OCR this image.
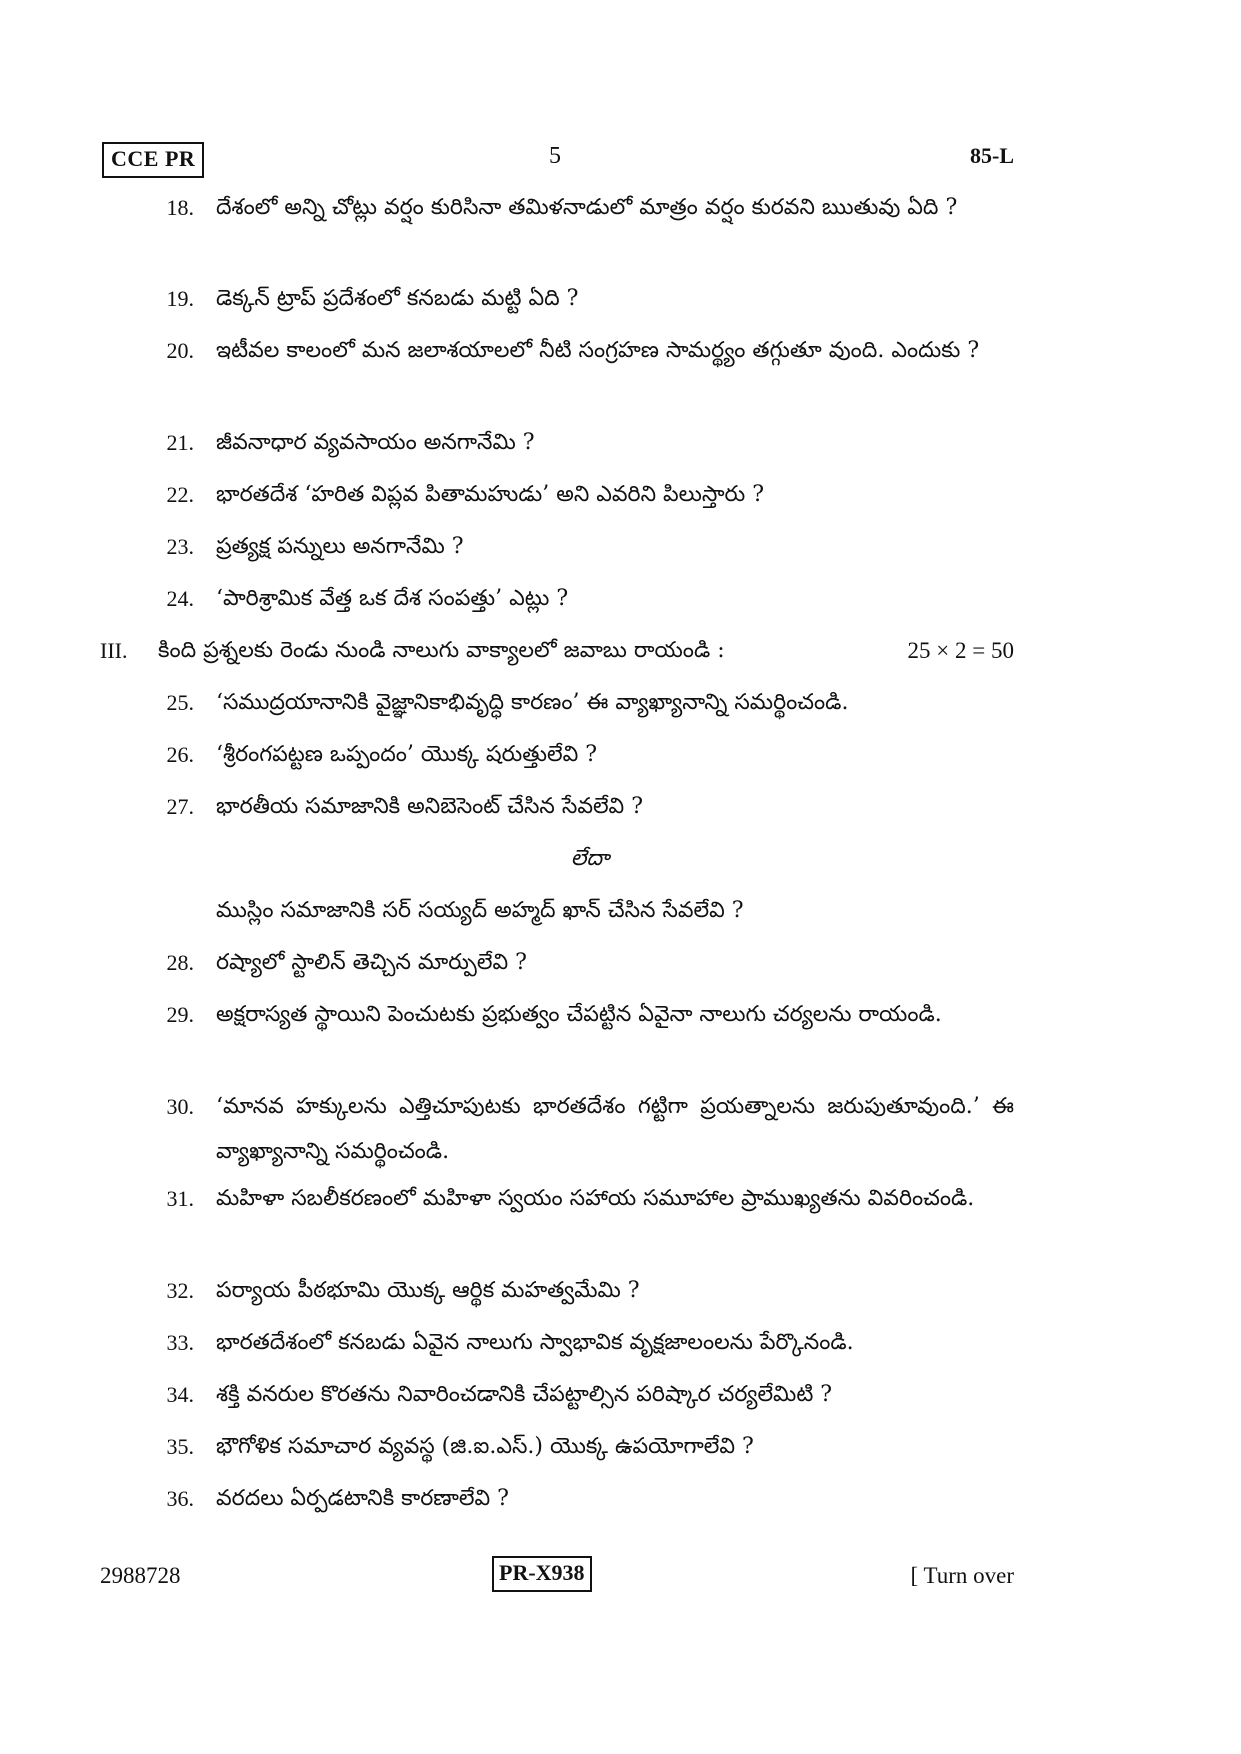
CCE PR	5	85-L
18. దేశంలో అన్ని చోట్లు వర్షం కురిసినా తమిళనాడులో మాత్రం వర్షం కురవని ఋతువు ఏది ?
19. డెక్కన్ ట్రాప్ ప్రదేశంలో కనబడు మట్టి ఏది ?
20. ఇటీవల కాలంలో మన జలాశయాలలో నీటి సంగ్రహణ సామర్థ్యం తగ్గుతూ వుంది. ఎందుకు ?
21. జీవనాధార వ్యవసాయం అనగానేమి ?
22. భారతదేశ ‘హరిత విప్లవ పితామహుడు’ అని ఎవరిని పిలుస్తారు ?
23. ప్రత్యక్ష పన్నులు అనగానేమి ?
24. ‘పారిశ్రామిక వేత్త ఒక దేశ సంపత్తు’ ఎట్లు ?
III. కింది ప్రశ్నలకు రెండు నుండి నాలుగు వాక్యాలలో జవాబు రాయండి :	25 × 2 = 50
25. ‘సముద్రయానానికి వైజ్ఞానికాభివృద్ధి కారణం’ ఈ వ్యాఖ్యానాన్ని సమర్థించండి.
26. ‘శ్రీరంగపట్టణ ఒప్పందం’ యొక్క షరుత్తులేవి ?
27. భారతీయ సమాజానికి అనిబెసెంట్ చేసిన సేవలేవి ?
లేదా
ముస్లిం సమాజానికి సర్ సయ్యద్ అహ్మద్ ఖాన్ చేసిన సేవలేవి ?
28. రష్యాలో స్టాలిన్ తెచ్చిన మార్పులేవి ?
29. అక్షరాస్యత స్థాయిని పెంచుటకు ప్రభుత్వం చేపట్టిన ఏవైనా నాలుగు చర్యలను రాయండి.
30. ‘మానవ హక్కులను ఎత్తిచూపుటకు భారతదేశం గట్టిగా ప్రయత్నాలను జరుపుతూవుంది.’ ఈ వ్యాఖ్యానాన్ని సమర్థించండి.
31. మహిళా సబలీకరణంలో మహిళా స్వయం సహాయ సమూహాల ప్రాముఖ్యతను వివరించండి.
32. పర్యాయ పీఠభూమి యొక్క ఆర్థిక మహత్వమేమి ?
33. భారతదేశంలో కనబడు ఏవైన నాలుగు స్వాభావిక వృక్షజాలంలను పేర్కొనండి.
34. శక్తి వనరుల కొరతను నివారించడానికి చేపట్టాల్సిన పరిష్కార చర్యలేమిటి ?
35. భౌగోళిక సమాచార వ్యవస్థ (జి.ఐ.ఎస్.) యొక్క ఉపయోగాలేవి ?
36. వరదలు ఏర్పడటానికి కారణాలేవి ?
2988728	PR-X938	[ Turn over
